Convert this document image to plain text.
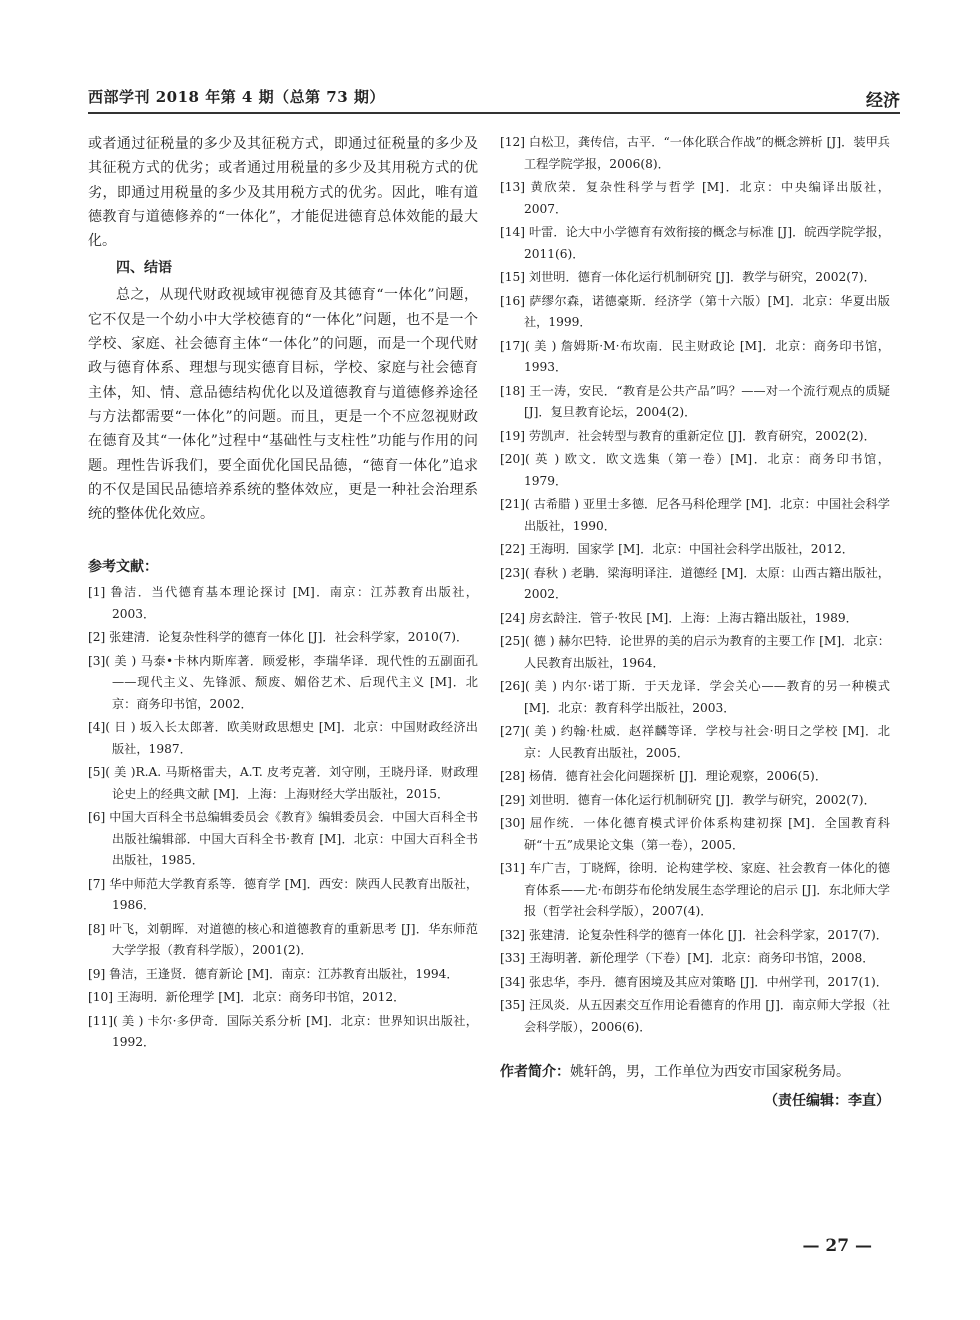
西部学刊 2018 年第 4 期（总第 73 期）	经济

或者通过征税量的多少及其征税方式，即通过征税量的多少及其征税方式的优劣；或者通过用税量的多少及其用税方式的优劣，即通过用税量的多少及其用税方式的优劣。因此，唯有道德教育与道德修养的“一体化”，才能促进德育总体效能的最大化。

四、结语

总之，从现代财政视域审视德育及其德育“一体化”问题，它不仅是一个幼小中大学校德育的“一体化”问题，也不是一个学校、家庭、社会德育主体“一体化”的问题，而是一个现代财政与德育体系、理想与现实德育目标，学校、家庭与社会德育主体，知、情、意品德结构优化以及道德教育与道德修养途径与方法都需要“一体化”的问题。而且，更是一个不应忽视财政在德育及其“一体化”过程中“基础性与支柱性”功能与作用的问题。理性告诉我们，要全面优化国民品德，“德育一体化”追求的不仅是国民品德培养系统的整体效应，更是一种社会治理系统的整体优化效应。

参考文献：
[1] 鲁洁．当代德育基本理论探讨 [M]．南京：江苏教育出版社，2003．
[2] 张建清．论复杂性科学的德育一体化 [J]．社会科学家，2010(7)．
[3]( 美 ) 马泰•卡林内斯库著．顾爱彬，李瑞华译．现代性的五副面孔——现代主义、先锋派、颓废、媚俗艺术、后现代主义 [M]．北京：商务印书馆，2002．
[4]( 日 ) 坂入长太郎著．欧美财政思想史 [M]．北京：中国财政经济出版社，1987．
[5]( 美 )R.A. 马斯格雷夫，A.T. 皮考克著．刘守刚，王晓丹译．财政理论史上的经典文献 [M]．上海：上海财经大学出版社，2015．
[6] 中国大百科全书总编辑委员会《教育》编辑委员会．中国大百科全书出版社编辑部．中国大百科全书·教育 [M]．北京：中国大百科全书出版社，1985．
[7] 华中师范大学教育系等．德育学 [M]．西安：陕西人民教育出版社，1986．
[8] 叶飞，刘朝晖．对道德的核心和道德教育的重新思考 [J]．华东师范大学学报（教育科学版），2001(2)．
[9] 鲁洁，王逢贤．德育新论 [M]．南京：江苏教育出版社，1994．
[10] 王海明．新伦理学 [M]．北京：商务印书馆，2012．
[11]( 美 ) 卡尔·多伊奇．国际关系分析 [M]．北京：世界知识出版社，1992．
[12] 白松卫，龚传信，古平．“一体化联合作战”的概念辨析 [J]．装甲兵工程学院学报，2006(8)．
[13] 黄欣荣．复杂性科学与哲学 [M]．北京：中央编译出版社，2007．
[14] 叶雷．论大中小学德育有效衔接的概念与标准 [J]．皖西学院学报，2011(6)．
[15] 刘世明．德育一体化运行机制研究 [J]．教学与研究，2002(7)．
[16] 萨缪尔森，诺德豪斯．经济学（第十六版）[M]．北京：华夏出版社，1999．
[17]( 美 ) 詹姆斯·M·布坎南．民主财政论 [M]．北京：商务印书馆，1993．
[18] 王一涛，安民．“教育是公共产品”吗？——对一个流行观点的质疑 [J]．复旦教育论坛，2004(2)．
[19] 劳凯声．社会转型与教育的重新定位 [J]．教育研究，2002(2)．
[20]( 英 ) 欧文．欧文选集（第一卷）[M]．北京：商务印书馆，1979．
[21]( 古希腊 ) 亚里士多德．尼各马科伦理学 [M]．北京：中国社会科学出版社，1990．
[22] 王海明．国家学 [M]．北京：中国社会科学出版社，2012．
[23]( 春秋 ) 老聃．梁海明译注．道德经 [M]．太原：山西古籍出版社，2002．
[24] 房玄龄注．管子·牧民 [M]．上海：上海古籍出版社，1989．
[25]( 德 ) 赫尔巴特．论世界的美的启示为教育的主要工作 [M]．北京：人民教育出版社，1964．
[26]( 美 ) 内尔·诺丁斯．于天龙译．学会关心——教育的另一种模式 [M]．北京：教育科学出版社，2003．
[27]( 美 ) 约翰·杜威．赵祥麟等译．学校与社会·明日之学校 [M]．北京：人民教育出版社，2005．
[28] 杨倩．德育社会化问题探析 [J]．理论观察，2006(5)．
[29] 刘世明．德育一体化运行机制研究 [J]．教学与研究，2002(7)．
[30] 屈作统．一体化德育模式评价体系构建初探 [M]．全国教育科研“十五”成果论文集（第一卷），2005．
[31] 车广吉，丁晓辉，徐明．论构建学校、家庭、社会教育一体化的德育体系——尤·布朗芬布伦纳发展生态学理论的启示 [J]．东北师大学报（哲学社会科学版），2007(4)．
[32] 张建清．论复杂性科学的德育一体化 [J]．社会科学家，2017(7)．
[33] 王海明著．新伦理学（下卷）[M]．北京：商务印书馆，2008．
[34] 张忠华，李丹．德育困境及其应对策略 [J]．中州学刊，2017(1)．
[35] 汪凤炎．从五因素交互作用论看德育的作用 [J]．南京师大学报（社会科学版），2006(6)．
作者简介：姚轩鸽，男，工作单位为西安市国家税务局。
（责任编辑：李直）
— 27 —
